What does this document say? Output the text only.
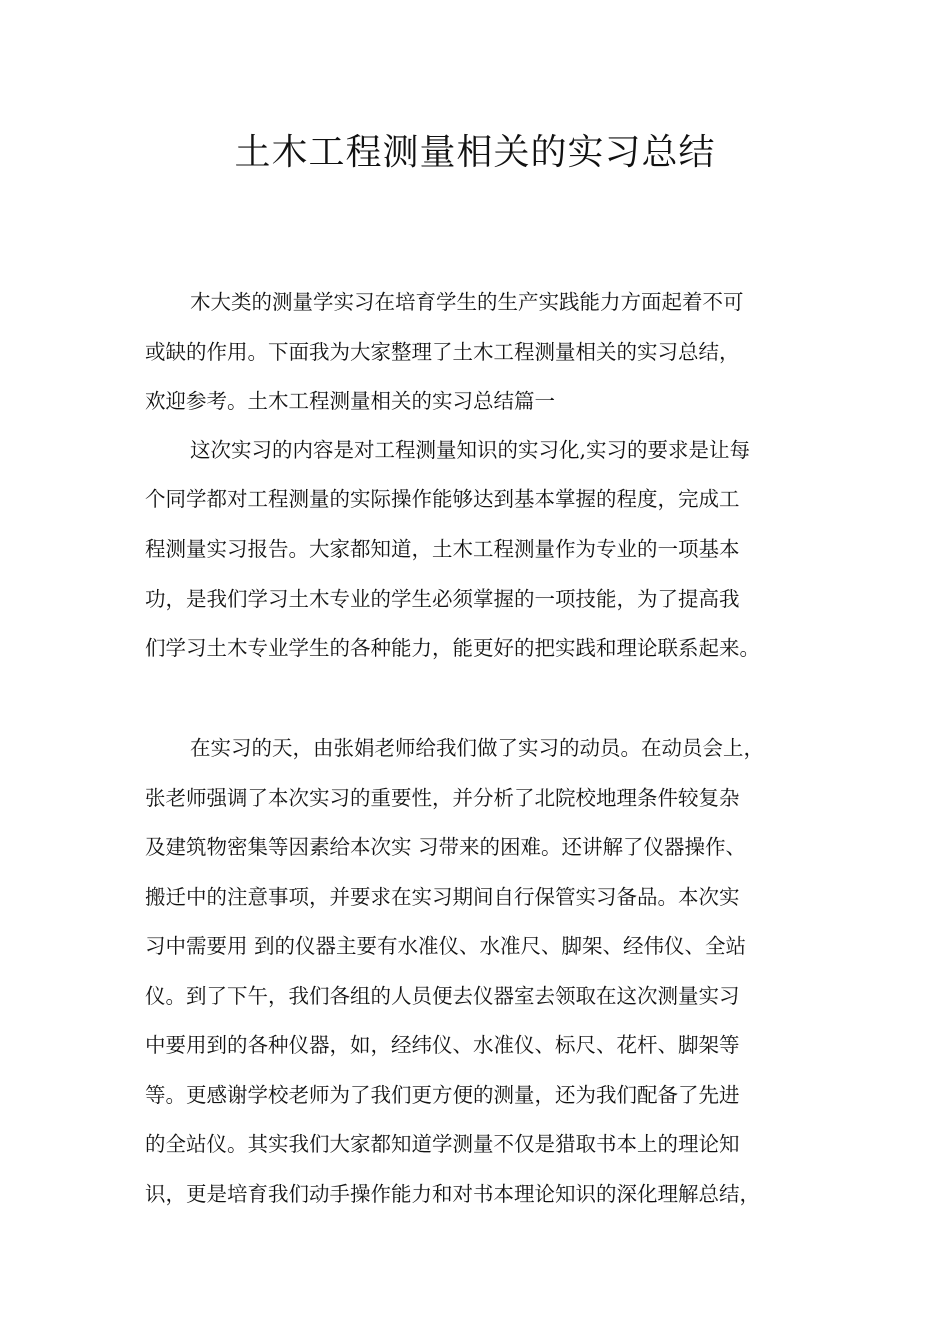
土木工程测量相关的实习总结

木大类的测量学实习在培育学生的生产实践能力方面起着不可

或缺的作用。下面我为大家整理了土木工程测量相关的实习总结，

欢迎参考。土木工程测量相关的实习总结篇一

这次实习的内容是对工程测量知识的实习化,实习的要求是让每

个同学都对工程测量的实际操作能够达到基本掌握的程度，完成工

程测量实习报告。大家都知道，土木工程测量作为专业的一项基本

功，是我们学习土木专业的学生必须掌握的一项技能，为了提高我

们学习土木专业学生的各种能力，能更好的把实践和理论联系起来。

在实习的天，由张娟老师给我们做了实习的动员。在动员会上，

张老师强调了本次实习的重要性，并分析了北院校地理条件较复杂

及建筑物密集等因素给本次实 习带来的困难。还讲解了仪器操作、

搬迁中的注意事项，并要求在实习期间自行保管实习备品。本次实

习中需要用 到的仪器主要有水准仪、水准尺、脚架、经伟仪、全站

仪。到了下午，我们各组的人员便去仪器室去领取在这次测量实习

中要用到的各种仪器，如，经纬仪、水准仪、标尺、花杆、脚架等

等。更感谢学校老师为了我们更方便的测量，还为我们配备了先进

的全站仪。其实我们大家都知道学测量不仅是猎取书本上的理论知

识，更是培育我们动手操作能力和对书本理论知识的深化理解总结，
